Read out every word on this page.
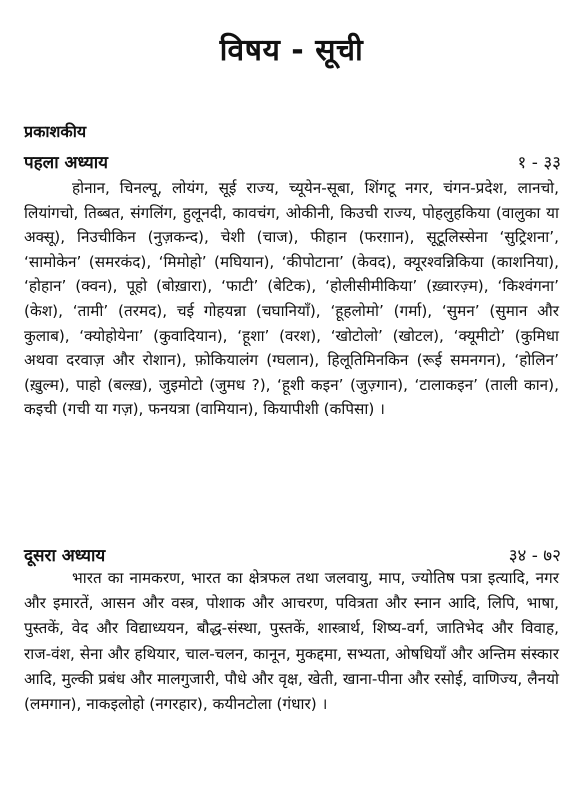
विषय - सूची
प्रकाशकीय
पहला अध्याय	१ - ३३
होनान, चिनल्पू, लोयंग, सूई राज्य, च्यूयेन-सूबा, शिंगटू नगर, चंगन-प्रदेश, लानचो, लियांगचो, तिब्बत, संगलिंग, हुलूनदी, कावचंग, ओकीनी, किउची राज्य, पोहलुहकिया (वालुका या अक्सू), निउचीकिन (नुज़कन्द), चेशी (चाज), फीहान (फरग़ान), सूटूलिस्सेना ‘सुट्रिशना’, ‘सामोकेन’ (समरकंद), ‘मिमोहो’ (मघियान), ‘कीपोटाना’ (केवद), क्यूरश्वन्निकिया (काशनिया), ‘होहान’ (क्वन), पूहो (बोख़ारा), ‘फाटी’ (बेटिक), ‘होलीसीमीकिया’ (ख़्वारज़्म), ‘किश्वंगना’ (केश), ‘तामी’ (तरमद), चई गोहयन्ना (चघानियाँ), ‘हूहलोमो’ (गर्मा), ‘सुमन’ (सुमान और कुलाब), ‘क्योहोयेना’ (कुवादियान), ‘हूशा’ (वरश), ‘खोटोलो’ (खोटल), ‘क्यूमीटो’ (कुमिधा अथवा दरवाज़ और रोशान), फ़ोकियालंग (ग्घलान), हिलूतिमिनकिन (रूई समनगन), ‘होलिन’ (ख़ुल्म), पाहो (बल्ख़), जुइमोटो (जुमध ?), ‘हूशी कइन’ (जुज़्गान), ‘टालाकइन’ (ताली कान), कइची (गची या गज़), फनयत्रा (वामियान), कियापीशी (कपिसा) ।
दूसरा अध्याय	३४ - ७२
भारत का नामकरण, भारत का क्षेत्रफल तथा जलवायु, माप, ज्योतिष पत्रा इत्यादि, नगर और इमारतें, आसन और वस्त्र, पोशाक और आचरण, पवित्रता और स्नान आदि, लिपि, भाषा, पुस्तकें, वेद और विद्याध्ययन, बौद्ध-संस्था, पुस्तकें, शास्त्रार्थ, शिष्य-वर्ग, जातिभेद और विवाह, राज-वंश, सेना और हथियार, चाल-चलन, कानून, मुकद्दमा, सभ्यता, ओषधियाँ और अन्तिम संस्कार आदि, मुल्की प्रबंध और मालगुजारी, पौधे और वृक्ष, खेती, खाना-पीना और रसोई, वाणिज्य, लैनयो (लमगान), नाकइलोहो (नगरहार), कयीनटोला (गंधार) ।
